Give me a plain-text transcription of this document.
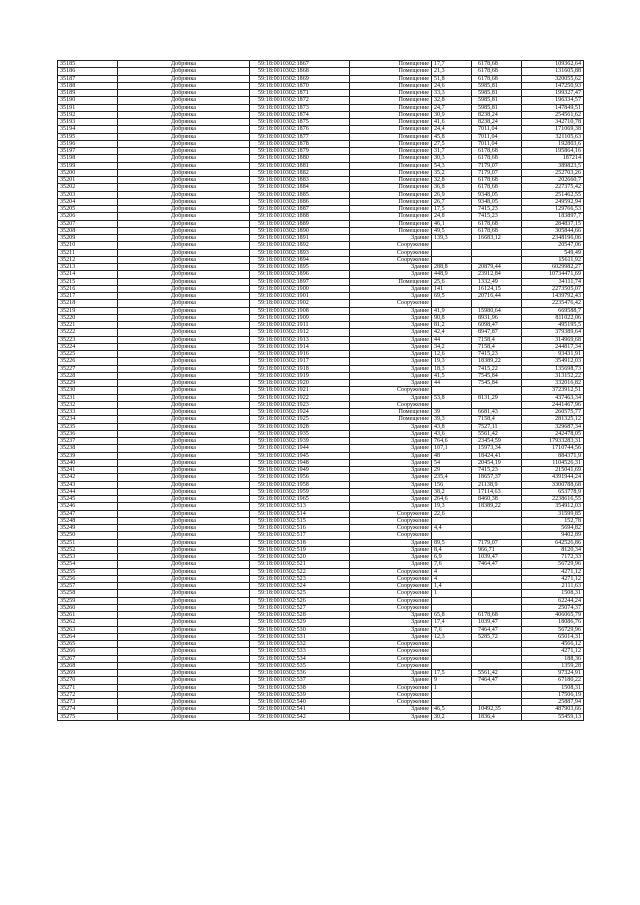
35185	Добрянка	59:18:0010302:1867	Помещение	17,7	6178,68	109362,64
35186	Добрянка	59:18:0010302:1868	Помещение	21,3	6178,68	131605,88
35187	Добрянка	59:18:0010302:1869	Помещение	51,8	6178,68	320055,62
35188	Добрянка	59:18:0010302:1870	Помещение	24,6	5985,81	147250,93
35189	Добрянка	59:18:0010302:1871	Помещение	33,3	5985,81	199327,47
35190	Добрянка	59:18:0010302:1872	Помещение	32,8	5985,81	196334,57
35191	Добрянка	59:18:0010302:1873	Помещение	24,7	5985,81	147849,51
35192	Добрянка	59:18:0010302:1874	Помещение	30,9	8238,24	254561,62
35193	Добрянка	59:18:0010302:1875	Помещение	41,6	8238,24	342710,78
35194	Добрянка	59:18:0010302:1876	Помещение	24,4	7011,04	171069,38
35195	Добрянка	59:18:0010302:1877	Помещение	45,8	7011,04	321105,63
35196	Добрянка	59:18:0010302:1878	Помещение	27,5	7011,04	192803,6
35197	Добрянка	59:18:0010302:1879	Помещение	31,7	6178,68	195864,16
35198	Добрянка	59:18:0010302:1880	Помещение	30,3	6178,68	187214
35199	Добрянка	59:18:0010302:1881	Помещение	54,3	7179,07	389823,5
35200	Добрянка	59:18:0010302:1882	Помещение	35,2	7179,07	252703,26
35201	Добрянка	59:18:0010302:1883	Помещение	32,8	6178,68	202660,7
35202	Добрянка	59:18:0010302:1884	Помещение	36,8	6178,68	227375,42
35203	Добрянка	59:18:0010302:1885	Помещение	26,9	9348,05	251462,55
35204	Добрянка	59:18:0010302:1886	Помещение	26,7	9348,05	249592,94
35205	Добрянка	59:18:0010302:1887	Помещение	17,5	7415,23	129766,53
35206	Добрянка	59:18:0010302:1888	Помещение	24,8	7415,23	183897,7
35207	Добрянка	59:18:0010302:1889	Помещение	46,1	6178,68	284837,15
35208	Добрянка	59:18:0010302:1890	Помещение	49,5	6178,68	305844,66
35209	Добрянка	59:18:0010302:1891	Здание	139,3	16683,12	2348196,06
35210	Добрянка	59:18:0010302:1892	Сооружение			20547,06
35211	Добрянка	59:18:0010302:1893	Сооружение			549,49
35212	Добрянка	59:18:0010302:1894	Сооружение			15611,92
35213	Добрянка	59:18:0010302:1895	Здание	288,8	20879,44	6029982,27
35214	Добрянка	59:18:0010302:1896	Здание	448,9	23912,84	10734471,69
35215	Добрянка	59:18:0010302:1897	Помещение	25,6	1332,49	34111,74
35216	Добрянка	59:18:0010302:1900	Здание	141	16124,15	2273505,07
35217	Добрянка	59:18:0010302:1901	Здание	69,5	20716,44	1439792,43
35218	Добрянка	59:18:0010302:1902	Сооружение			2235476,42
35219	Добрянка	59:18:0010302:1908	Здание	41,9	15980,64	669588,7
35220	Добрянка	59:18:0010302:1909	Здание	90,8	8931,96	811022,06
35221	Добрянка	59:18:0010302:1911	Здание	81,2	6098,47	495195,5
35222	Добрянка	59:18:0010302:1912	Здание	42,4	8947,87	379389,64
35223	Добрянка	59:18:0010302:1913	Здание	44	7158,4	314969,68
35224	Добрянка	59:18:0010302:1914	Здание	34,2	7158,4	244817,34
35225	Добрянка	59:18:0010302:1916	Здание	12,6	7415,23	93431,91
35226	Добрянка	59:18:0010302:1917	Здание	19,3	18389,22	354912,03
35227	Добрянка	59:18:0010302:1918	Здание	18,3	7415,22	135698,73
35228	Добрянка	59:18:0010302:1919	Здание	41,5	7545,84	313152,22
35229	Добрянка	59:18:0010302:1920	Здание	44	7545,84	332016,82
35230	Добрянка	59:18:0010302:1921	Сооружение			3723912,51
35231	Добрянка	59:18:0010302:1922	Здание	53,8	8131,29	437463,34
35232	Добрянка	59:18:0010302:1923	Сооружение			2441467,96
35233	Добрянка	59:18:0010302:1924	Помещение	39	6681,43	260575,77
35234	Добрянка	59:18:0010302:1925	Помещение	39,3	7158,4	281325,12
35235	Добрянка	59:18:0010302:1928	Здание	43,8	7527,11	329687,34
35236	Добрянка	59:18:0010302:1935	Здание	43,6	5561,42	242478,05
35237	Добрянка	59:18:0010302:1939	Здание	764,6	23454,59	17933283,31
35238	Добрянка	59:18:0010302:1944	Здание	107,1	15973,34	1710744,56
35239	Добрянка	59:18:0010302:1945	Здание	48	18424,41	884371,9
35240	Добрянка	59:18:0010302:1948	Здание	54	20454,19	1104526,31
35241	Добрянка	59:18:0010302:1949	Здание	29	7415,23	215041,69
35242	Добрянка	59:18:0010302:1956	Здание	235,4	18657,37	4391944,24
35243	Добрянка	59:18:0010302:1958	Здание	156	21138,9	3300788,68
35244	Добрянка	59:18:0010302:1959	Здание	38,2	17114,63	653778,9
35245	Добрянка	59:18:0010302:1965	Здание	264,6	8460,38	2238616,55
35246	Добрянка	59:18:0010302:513	Здание	19,3	18389,22	354912,03
35247	Добрянка	59:18:0010302:514	Сооружение	22,6		31599,85
35248	Добрянка	59:18:0010302:515	Сооружение			152,78
35249	Добрянка	59:18:0010302:516	Сооружение	4,4		5694,82
35250	Добрянка	59:18:0010302:517	Сооружение			9402,89
35251	Добрянка	59:18:0010302:518	Здание	89,5	7179,07	642526,86
35252	Добрянка	59:18:0010302:519	Здание	8,4	966,71	8120,34
35253	Добрянка	59:18:0010302:520	Здание	6,9	1039,47	7172,33
35254	Добрянка	59:18:0010302:521	Здание	7,6	7464,47	56729,96
35255	Добрянка	59:18:0010302:522	Сооружение	4		4271,12
35256	Добрянка	59:18:0010302:523	Сооружение	4		4271,12
35257	Добрянка	59:18:0010302:524	Сооружение	1,4		2111,63
35258	Добрянка	59:18:0010302:525	Сооружение	1		1508,31
35259	Добрянка	59:18:0010302:526	Сооружение			62244,24
35260	Добрянка	59:18:0010302:527	Сооружение			25074,37
35261	Добрянка	59:18:0010302:528	Здание	65,8	6178,68	406065,79
35262	Добрянка	59:18:0010302:529	Здание	17,4	1039,47	18086,76
35263	Добрянка	59:18:0010302:530	Здание	7,6	7464,47	56729,96
35264	Добрянка	59:18:0010302:531	Здание	12,3	5285,72	65014,31
35265	Добрянка	59:18:0010302:532	Сооружение			4566,12
35266	Добрянка	59:18:0010302:533	Сооружение			4271,12
35267	Добрянка	59:18:0010302:534	Сооружение			188,36
35268	Добрянка	59:18:0010302:535	Сооружение			1359,28
35269	Добрянка	59:18:0010302:536	Здание	17,5	5561,42	97324,91
35270	Добрянка	59:18:0010302:537	Здание	9	7464,47	67180,22
35271	Добрянка	59:18:0010302:538	Сооружение	1		1508,31
35272	Добрянка	59:18:0010302:539	Сооружение			17506,19
35273	Добрянка	59:18:0010302:540	Сооружение			25887,94
35274	Добрянка	59:18:0010302:541	Здание	46,5	10492,35	487903,66
35275	Добрянка	59:18:0010302:542	Здание	30,2	1836,4	55459,13
